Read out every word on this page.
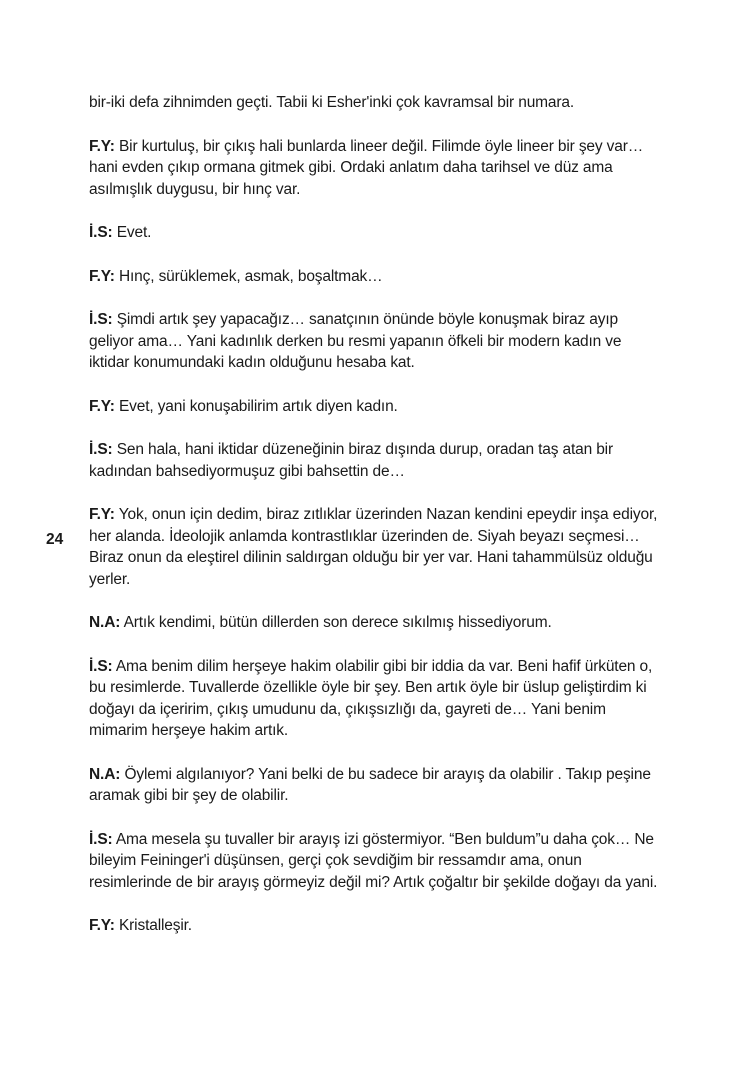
24

bir-iki defa zihnimden geçti. Tabii ki Esher'inki çok kavramsal bir numara.

F.Y: Bir kurtuluş, bir çıkış hali bunlarda lineer değil. Filimde öyle lineer bir şey var… hani evden çıkıp ormana gitmek gibi. Ordaki anlatım daha tarihsel ve düz ama asılmışlık duygusu, bir hınç var.

İ.S: Evet.

F.Y: Hınç, sürüklemek, asmak, boşaltmak…

İ.S: Şimdi artık şey yapacağız… sanatçının önünde böyle konuşmak biraz ayıp geliyor ama… Yani kadınlık derken bu resmi yapanın öfkeli bir modern kadın ve iktidar konumundaki kadın olduğunu hesaba kat.

F.Y: Evet, yani konuşabilirim artık diyen kadın.

İ.S: Sen hala, hani iktidar düzeneğinin biraz dışında durup, oradan taş atan bir kadından bahsediyormuşuz gibi bahsettin de…

F.Y: Yok, onun için dedim, biraz zıtlıklar üzerinden Nazan kendini epeydir inşa ediyor, her alanda. İdeolojik anlamda kontrastlıklar üzerinden de. Siyah beyazı seçmesi… Biraz onun da eleştirel dilinin saldırgan olduğu bir yer var. Hani tahammülsüz olduğu yerler.

N.A: Artık kendimi, bütün dillerden son derece sıkılmış hissediyorum.

İ.S: Ama benim dilim herşeye hakim olabilir gibi bir iddia da var. Beni hafif ürküten o, bu resimlerde. Tuvallerde özellikle öyle bir şey. Ben artık öyle bir üslup geliştirdim ki doğayı da içeririm, çıkış umudunu da, çıkışsızlığı da, gayreti de… Yani benim mimarim herşeye hakim artık.

N.A: Öylemi algılanıyor? Yani belki de bu sadece bir arayış da olabilir . Takıp peşine aramak gibi bir şey de olabilir.

İ.S: Ama mesela şu tuvaller bir arayış izi göstermiyor. “Ben buldum”u daha çok… Ne bileyim Feininger'i düşünsen, gerçi çok sevdiğim bir ressamdır ama, onun resimlerinde de bir arayış görmeyiz değil mi? Artık çoğaltır bir şekilde doğayı da yani.

F.Y: Kristalleşir.
